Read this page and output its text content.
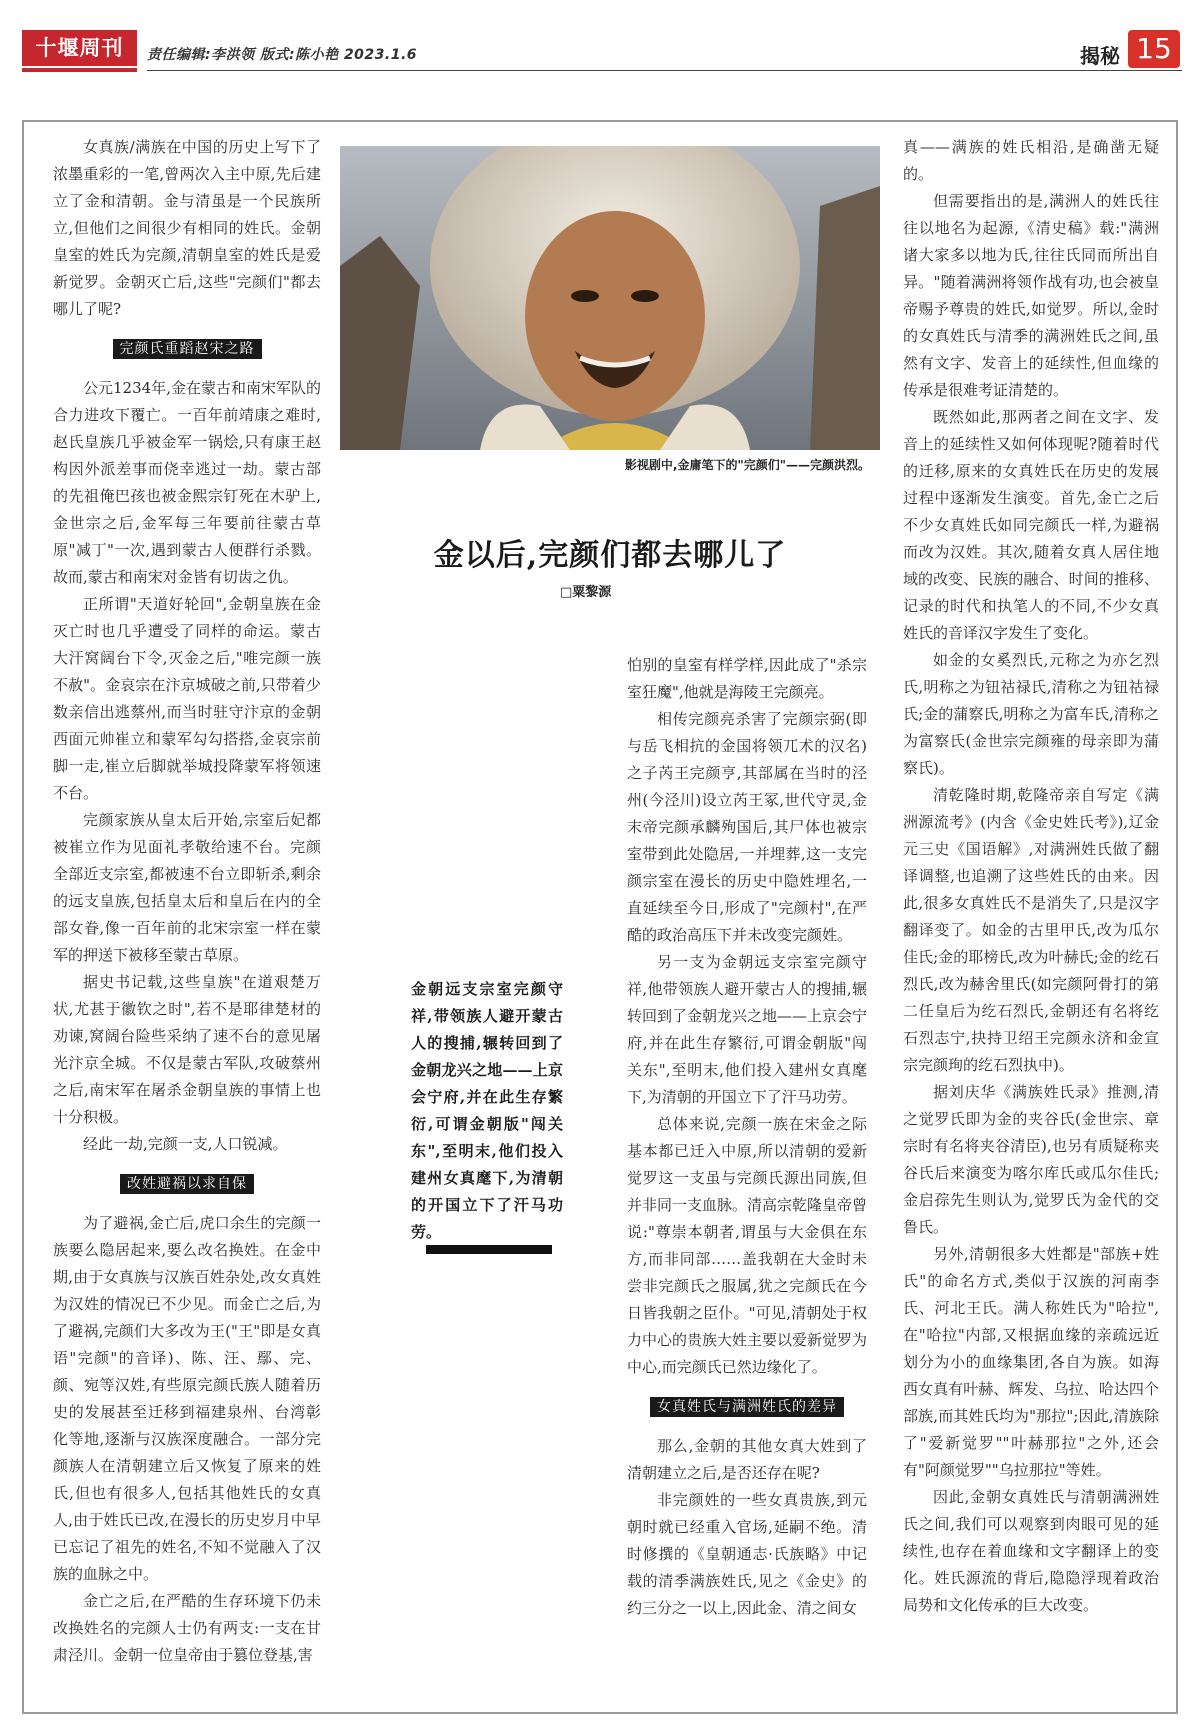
十堰周刊	责任编辑:李洪领 版式:陈小艳 2023.1.6	揭秘 15

女真族/满族在中国的历史上写下了浓墨重彩的一笔,曾两次入主中原,先后建立了金和清朝。金与清虽是一个民族所立,但他们之间很少有相同的姓氏。金朝皇室的姓氏为完颜,清朝皇室的姓氏是爱新觉罗。金朝灭亡后,这些"完颜们"都去哪儿了呢?

完颜氏重蹈赵宋之路

公元1234年,金在蒙古和南宋军队的合力进攻下覆亡。一百年前靖康之难时,赵氏皇族几乎被金军一锅烩,只有康王赵构因外派差事而侥幸逃过一劫。蒙古部的先祖俺巴孩也被金熙宗钉死在木驴上,金世宗之后,金军每三年要前往蒙古草原"减丁"一次,遇到蒙古人便群行杀戮。故而,蒙古和南宋对金皆有切齿之仇。

正所谓"天道好轮回",金朝皇族在金灭亡时也几乎遭受了同样的命运。蒙古大汗窝阔台下令,灭金之后,"唯完颜一族不赦"。金哀宗在汴京城破之前,只带着少数亲信出逃蔡州,而当时驻守汴京的金朝西面元帅崔立和蒙军勾勾搭搭,金哀宗前脚一走,崔立后脚就举城投降蒙军将领速不台。

完颜家族从皇太后开始,宗室后妃都被崔立作为见面礼孝敬给速不台。完颜全部近支宗室,都被速不台立即斩杀,剩余的远支皇族,包括皇太后和皇后在内的全部女眷,像一百年前的北宋宗室一样在蒙军的押送下被移至蒙古草原。

据史书记载,这些皇族"在道艰楚万状,尤甚于徽钦之时",若不是耶律楚材的劝谏,窝阔台险些采纳了速不台的意见屠光汴京全城。不仅是蒙古军队,攻破蔡州之后,南宋军在屠杀金朝皇族的事情上也十分积极。

经此一劫,完颜一支,人口锐减。

改姓避祸以求自保

为了避祸,金亡后,虎口余生的完颜一族要么隐居起来,要么改名换姓。在金中期,由于女真族与汉族百姓杂处,改女真姓为汉姓的情况已不少见。而金亡之后,为了避祸,完颜们大多改为王("王"即是女真语"完颜"的音译)、陈、汪、鄢、完、颜、宛等汉姓,有些原完颜氏族人随着历史的发展甚至迁移到福建泉州、台湾彰化等地,逐渐与汉族深度融合。一部分完颜族人在清朝建立后又恢复了原来的姓氏,但也有很多人,包括其他姓氏的女真人,由于姓氏已改,在漫长的历史岁月中早已忘记了祖先的姓名,不知不觉融入了汉族的血脉之中。

金亡之后,在严酷的生存环境下仍未改换姓名的完颜人士仍有两支:一支在甘肃泾川。金朝一位皇帝由于篡位登基,害

影视剧中,金庸笔下的"完颜们"——完颜洪烈。
金以后,完颜们都去哪儿了
□粟黎源
金朝远支宗室完颜守祥,带领族人避开蒙古人的搜捕,辗转回到了金朝龙兴之地——上京会宁府,并在此生存繁衍,可谓金朝版"闯关东",至明末,他们投入建州女真麾下,为清朝的开国立下了汗马功劳。

怕别的皇室有样学样,因此成了"杀宗室狂魔",他就是海陵王完颜亮。

相传完颜亮杀害了完颜宗弼(即与岳飞相抗的金国将领兀术的汉名)之子芮王完颜亨,其部属在当时的泾州(今泾川)设立芮王冢,世代守灵,金末帝完颜承麟殉国后,其尸体也被宗室带到此处隐居,一并埋葬,这一支完颜宗室在漫长的历史中隐姓埋名,一直延续至今日,形成了"完颜村",在严酷的政治高压下并未改变完颜姓。

另一支为金朝远支宗室完颜守祥,他带领族人避开蒙古人的搜捕,辗转回到了金朝龙兴之地——上京会宁府,并在此生存繁衍,可谓金朝版"闯关东",至明末,他们投入建州女真麾下,为清朝的开国立下了汗马功劳。

总体来说,完颜一族在宋金之际基本都已迁入中原,所以清朝的爱新觉罗这一支虽与完颜氏源出同族,但并非同一支血脉。清高宗乾隆皇帝曾说:"尊崇本朝者,谓虽与大金俱在东方,而非同部……盖我朝在大金时未尝非完颜氏之服属,犹之完颜氏在今日皆我朝之臣仆。"可见,清朝处于权力中心的贵族大姓主要以爱新觉罗为中心,而完颜氏已然边缘化了。

女真姓氏与满洲姓氏的差异

那么,金朝的其他女真大姓到了清朝建立之后,是否还存在呢?

非完颜姓的一些女真贵族,到元朝时就已经重入官场,延嗣不绝。清时修撰的《皇朝通志·氏族略》中记载的清季满族姓氏,见之《金史》的约三分之一以上,因此金、清之间女

真——满族的姓氏相沿,是确凿无疑的。

但需要指出的是,满洲人的姓氏往往以地名为起源,《清史稿》载:"满洲诸大家多以地为氏,往往氏同而所出自异。"随着满洲将领作战有功,也会被皇帝赐予尊贵的姓氏,如觉罗。所以,金时的女真姓氏与清季的满洲姓氏之间,虽然有文字、发音上的延续性,但血缘的传承是很难考证清楚的。

既然如此,那两者之间在文字、发音上的延续性又如何体现呢?随着时代的迁移,原来的女真姓氏在历史的发展过程中逐渐发生演变。首先,金亡之后不少女真姓氏如同完颜氏一样,为避祸而改为汉姓。其次,随着女真人居住地域的改变、民族的融合、时间的推移、记录的时代和执笔人的不同,不少女真姓氏的音译汉字发生了变化。

如金的女奚烈氏,元称之为亦乞烈氏,明称之为钮祜禄氏,清称之为钮祜禄氏;金的蒲察氏,明称之为富车氏,清称之为富察氏(金世宗完颜雍的母亲即为蒲察氏)。

清乾隆时期,乾隆帝亲自写定《满洲源流考》(内含《金史姓氏考》),辽金元三史《国语解》,对满洲姓氏做了翻译调整,也追溯了这些姓氏的由来。因此,很多女真姓氏不是消失了,只是汉字翻译变了。如金的古里甲氏,改为瓜尔佳氏;金的耶榜氏,改为叶赫氏;金的纥石烈氏,改为赫舍里氏(如完颜阿骨打的第二任皇后为纥石烈氏,金朝还有名将纥石烈志宁,抉持卫绍王完颜永济和金宣宗完颜珣的纥石烈执中)。

据刘庆华《满族姓氏录》推测,清之觉罗氏即为金的夹谷氏(金世宗、章宗时有名将夹谷清臣),也另有质疑称夹谷氏后来演变为喀尔库氏或瓜尔佳氏;金启孮先生则认为,觉罗氏为金代的交鲁氏。

另外,清朝很多大姓都是"部族+姓氏"的命名方式,类似于汉族的河南李氏、河北王氏。满人称姓氏为"哈拉",在"哈拉"内部,又根据血缘的亲疏远近划分为小的血缘集团,各自为族。如海西女真有叶赫、辉发、乌拉、哈达四个部族,而其姓氏均为"那拉";因此,清族除了"爱新觉罗""叶赫那拉"之外,还会有"阿颜觉罗""乌拉那拉"等姓。

因此,金朝女真姓氏与清朝满洲姓氏之间,我们可以观察到肉眼可见的延续性,也存在着血缘和文字翻译上的变化。姓氏源流的背后,隐隐浮现着政治局势和文化传承的巨大改变。
